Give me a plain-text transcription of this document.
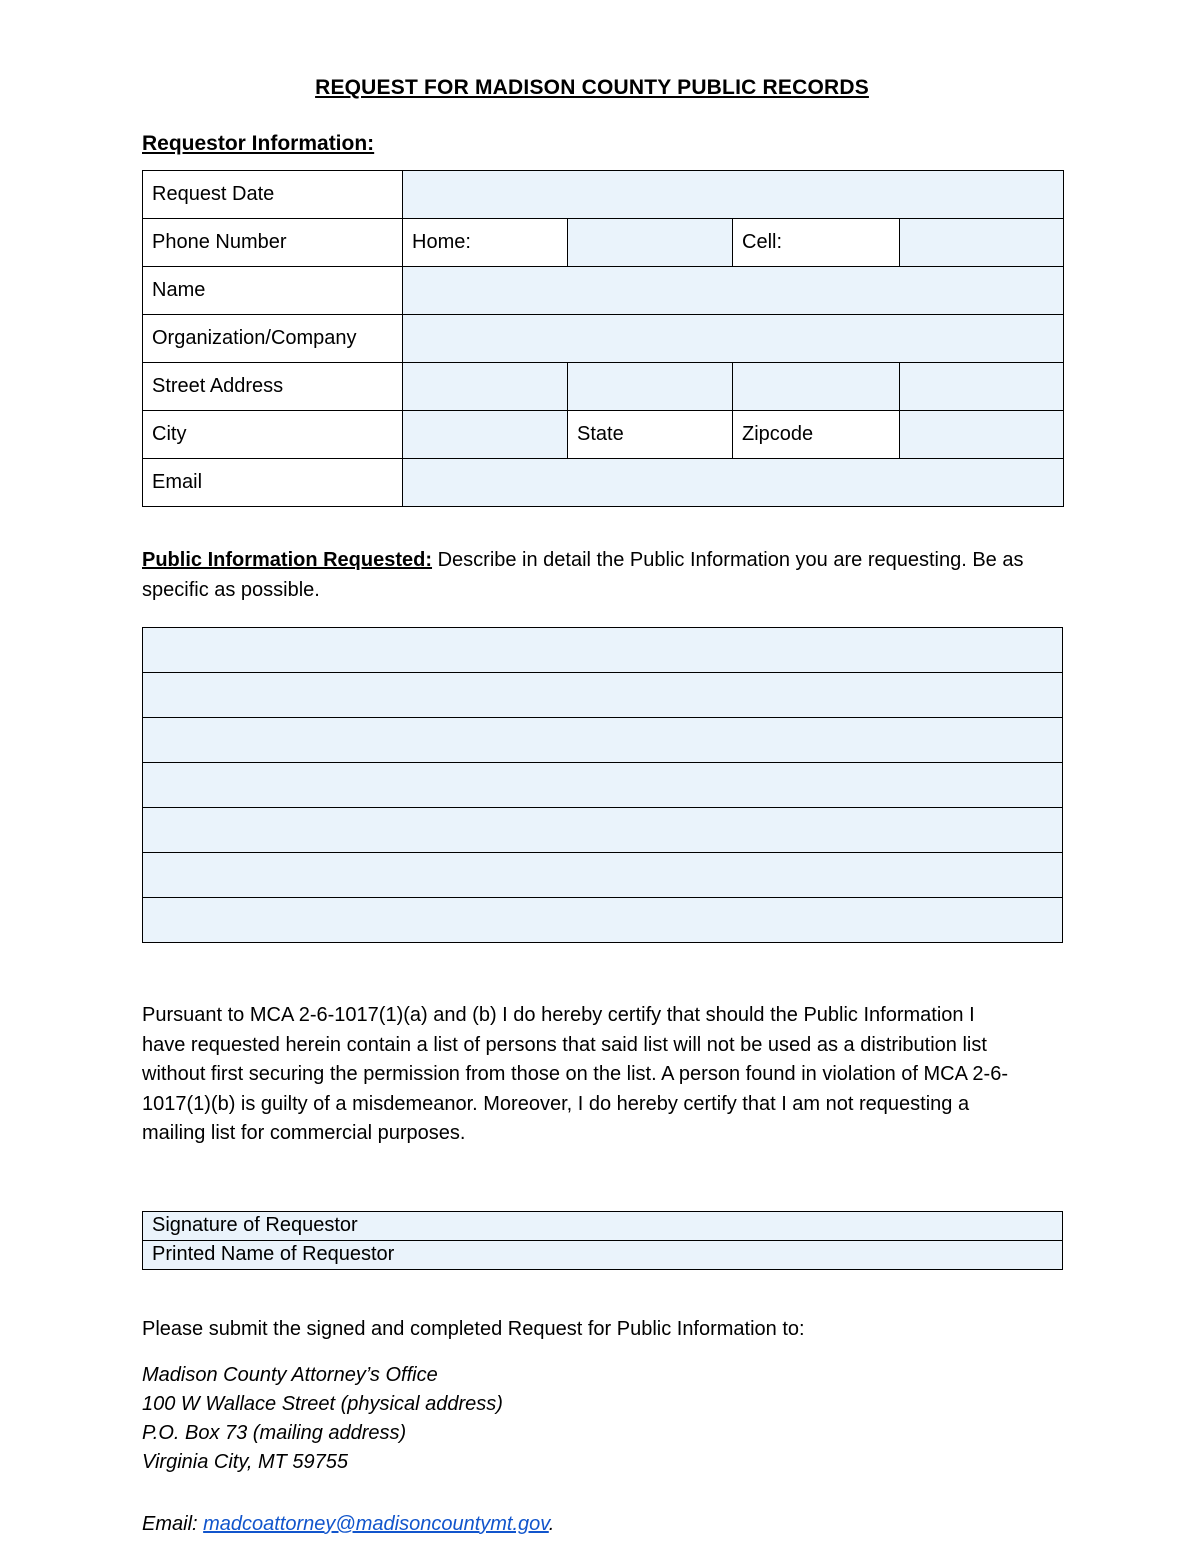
REQUEST FOR MADISON COUNTY PUBLIC RECORDS
Requestor Information:
Request Date				
Phone Number	Home:		Cell:	
Name				
Organization/Company				
Street Address				
City		State	Zipcode	
Email				
Public Information Requested: Describe in detail the Public Information you are requesting. Be as specific as possible.

Pursuant to MCA 2-6-1017(1)(a) and (b) I do hereby certify that should the Public Information I have requested herein contain a list of persons that said list will not be used as a distribution list without first securing the permission from those on the list. A person found in violation of MCA 2-6-1017(1)(b) is guilty of a misdemeanor. Moreover, I do hereby certify that I am not requesting a mailing list for commercial purposes.
Signature of Requestor
Printed Name of Requestor
Please submit the signed and completed Request for Public Information to:
Madison County Attorney’s Office
100 W Wallace Street (physical address)
P.O. Box 73 (mailing address)
Virginia City, MT 59755
Email: madcoattorney@madisoncountymt.gov.
